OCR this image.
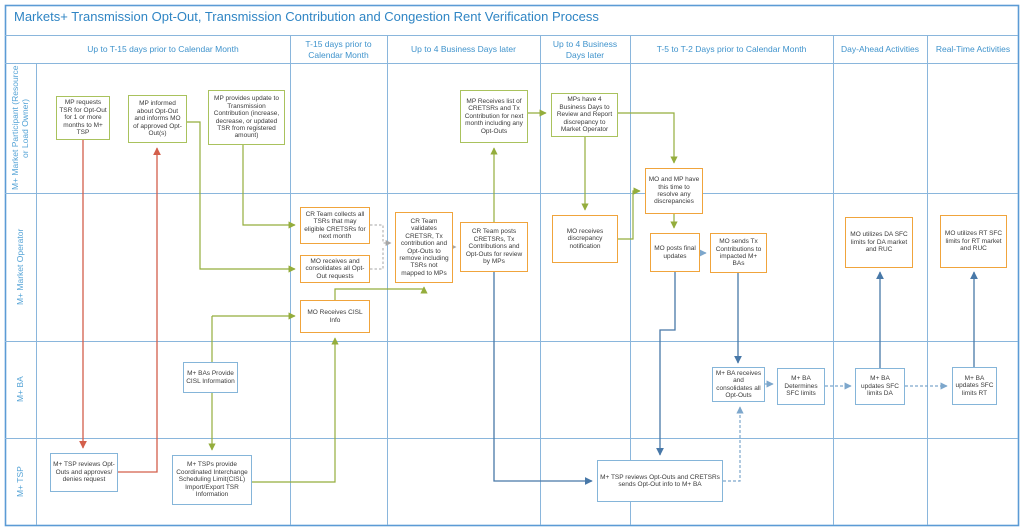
Markets+ Transmission Opt-Out, Transmission Contribution and Congestion Rent Verification Process
Up to T-15 days prior to Calendar Month
T-15 days prior to Calendar Month
Up to 4 Business Days later
Up to 4 Business Days later
T-5 to T-2 Days prior to Calendar Month	Day-Ahead Activities	Real-Time Activities
M+ Market Participant (Resource or Load Owner)
M+ Market Operator
M+ BA
M+ TSP
MP requests TSR for Opt-Out for 1 or more months to M+ TSP
MP informed about Opt-Out and informs MO of approved Opt-Out(s)
MP provides update to Transmission Contribution (increase, decrease, or updated TSR from registered amount)
MP Receives list of CRETSRs and Tx Contribution for next month including any Opt-Outs
MPs have 4 Business Days to Review and Report discrepancy to Market Operator
CR Team collects all TSRs that may eligible CRETSRs for next month
MO receives and consolidates all Opt-Out requests
MO Receives CISL Info
CR Team validates CRETSR, Tx contribution and Opt-Outs to remove including TSRs not mapped to MPs
CR Team posts CRETSRs, Tx Contributions and Opt-Outs for review by MPs
MO receives discrepancy notification
MO and MP have this time to resolve any discrepancies
MO posts final updates
MO sends Tx Contributions to impacted M+ BAs
MO utilizes DA SFC limits for DA market and RUC
MO utilizes RT SFC limits for RT market and RUC
M+ BAs Provide CISL Information
M+ BA receives and consolidates all Opt-Outs
M+ BA Determines SFC limits
M+ BA updates SFC limits DA
M+ BA updates SFC limits RT
M+ TSP reviews Opt-Outs and approves/ denies request
M+ TSPs provide Coordinated Interchange Scheduling Limit(CISL) Import/Export TSR Information
M+ TSP reviews Opt-Outs and CRETSRs sends Opt-Out info to M+ BA
